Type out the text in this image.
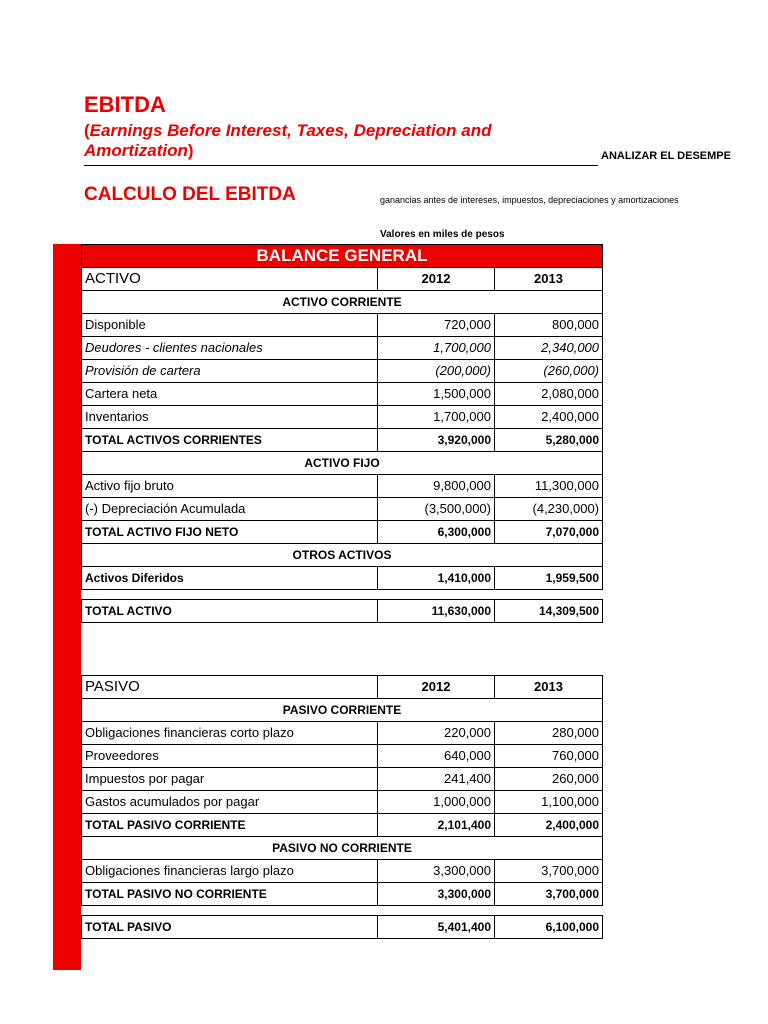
EBITDA
(Earnings Before Interest, Taxes, Depreciation and Amortization)	ANALIZAR EL DESEMPE
CALCULO DEL EBITDA	ganancias antes de intereses, impuestos, depreciaciones y amortizaciones
Valores en miles de pesos
BALANCE GENERAL		
ACTIVO	2012	2013
ACTIVO CORRIENTE		
Disponible	720,000	800,000
Deudores - clientes nacionales	1,700,000	2,340,000
Provisión de cartera	(200,000)	(260,000)
Cartera neta	1,500,000	2,080,000
Inventarios	1,700,000	2,400,000
TOTAL ACTIVOS CORRIENTES	3,920,000	5,280,000
ACTIVO FIJO		
Activo fijo bruto	9,800,000	11,300,000
(-) Depreciación Acumulada	(3,500,000)	(4,230,000)
TOTAL ACTIVO FIJO NETO	6,300,000	7,070,000
OTROS ACTIVOS		
Activos Diferidos	1,410,000	1,959,500

TOTAL ACTIVO	11,630,000	14,309,500
PASIVO	2012	2013
PASIVO CORRIENTE		
Obligaciones financieras corto plazo	220,000	280,000
Proveedores	640,000	760,000
Impuestos por pagar	241,400	260,000
Gastos acumulados por pagar	1,000,000	1,100,000
TOTAL PASIVO CORRIENTE	2,101,400	2,400,000
PASIVO NO CORRIENTE		
Obligaciones financieras largo plazo	3,300,000	3,700,000
TOTAL PASIVO NO CORRIENTE	3,300,000	3,700,000

TOTAL PASIVO	5,401,400	6,100,000
